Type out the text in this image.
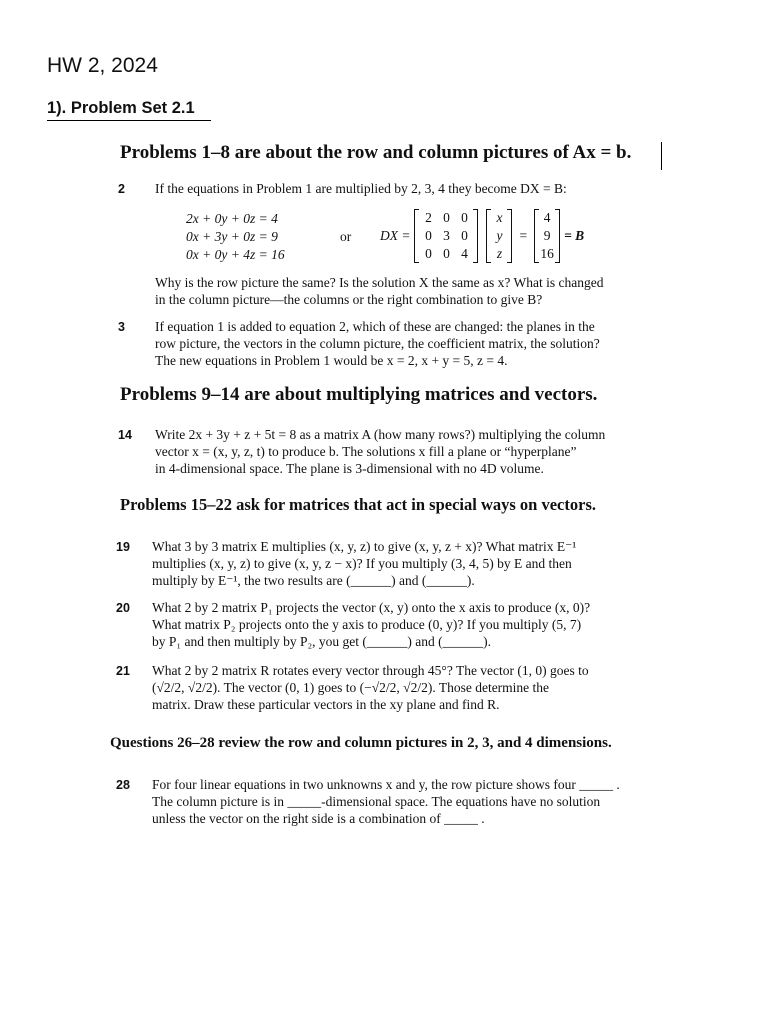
HW 2, 2024
1). Problem Set 2.1
Problems 1–8 are about the row and column pictures of Ax = b.
2 If the equations in Problem 1 are multiplied by 2, 3, 4 they become DX = B:

2x + 0y + 0z = 4
0x + 3y + 0z = 9
0x + 0y + 4z = 16
or DX =
2 0 0
0 3 0
0 0 4
x
y
z
=
4
9
16
= B

Why is the row picture the same? Is the solution X the same as x? What is changed

in the column picture—the columns or the right combination to give B?

3 If equation 1 is added to equation 2, which of these are changed: the planes in the

row picture, the vectors in the column picture, the coefficient matrix, the solution?

The new equations in Problem 1 would be x = 2, x + y = 5, z = 4.

Problems 9–14 are about multiplying matrices and vectors.
14 Write 2x + 3y + z + 5t = 8 as a matrix A (how many rows?) multiplying the column

vector x = (x, y, z, t) to produce b. The solutions x fill a plane or “hyperplane”

in 4-dimensional space. The plane is 3-dimensional with no 4D volume.

Problems 15–22 ask for matrices that act in special ways on vectors.
19 What 3 by 3 matrix E multiplies (x, y, z) to give (x, y, z + x)? What matrix E⁻¹

multiplies (x, y, z) to give (x, y, z − x)? If you multiply (3, 4, 5) by E and then

multiply by E⁻¹, the two results are (______) and (______).

20 What 2 by 2 matrix P₁ projects the vector (x, y) onto the x axis to produce (x, 0)?

What matrix P₂ projects onto the y axis to produce (0, y)? If you multiply (5, 7)

by P₁ and then multiply by P₂, you get (______) and (______).

21 What 2 by 2 matrix R rotates every vector through 45°? The vector (1, 0) goes to

(√2/2, √2/2). The vector (0, 1) goes to (−√2/2, √2/2). Those determine the

matrix. Draw these particular vectors in the xy plane and find R.

Questions 26–28 review the row and column pictures in 2, 3, and 4 dimensions.
28 For four linear equations in two unknowns x and y, the row picture shows four _____ .

The column picture is in _____-dimensional space. The equations have no solution

unless the vector on the right side is a combination of _____ .
